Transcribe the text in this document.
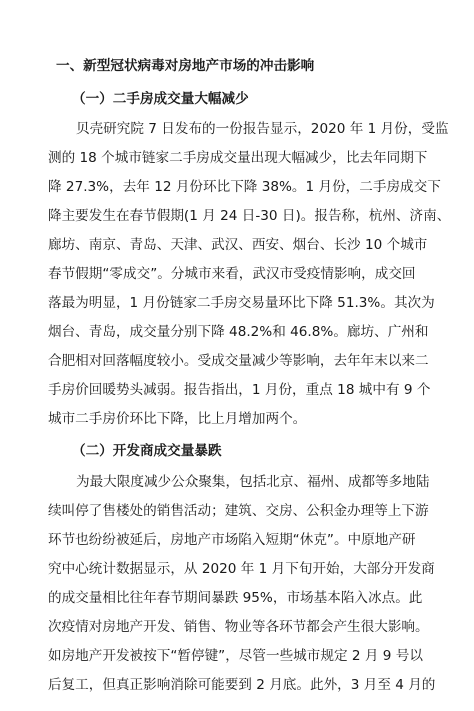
一、新型冠状病毒对房地产市场的冲击影响
（一）二手房成交量大幅减少
贝壳研究院 7 日发布的一份报告显示，2020 年 1 月份，受监
测的 18 个城市链家二手房成交量出现大幅减少，比去年同期下
降 27.3%，去年 12 月份环比下降 38%。1 月份，二手房成交下
降主要发生在春节假期(1 月 24 日-30 日)。报告称，杭州、济南、
廊坊、南京、青岛、天津、武汉、西安、烟台、长沙 10 个城市
春节假期“零成交”。分城市来看，武汉市受疫情影响，成交回
落最为明显，1 月份链家二手房交易量环比下降 51.3%。其次为
烟台、青岛，成交量分别下降 48.2%和 46.8%。廊坊、广州和
合肥相对回落幅度较小。受成交量减少等影响，去年年末以来二
手房价回暖势头减弱。报告指出，1 月份，重点 18 城中有 9 个
城市二手房价环比下降，比上月增加两个。
（二）开发商成交量暴跌
为最大限度减少公众聚集，包括北京、福州、成都等多地陆
续叫停了售楼处的销售活动；建筑、交房、公积金办理等上下游
环节也纷纷被延后，房地产市场陷入短期“休克”。中原地产研
究中心统计数据显示，从 2020 年 1 月下旬开始，大部分开发商
的成交量相比往年春节期间暴跌 95%，市场基本陷入冰点。此
次疫情对房地产开发、销售、物业等各环节都会产生很大影响。
如房地产开发被按下“暂停键”，尽管一些城市规定 2 月 9 号以
后复工，但真正影响消除可能要到 2 月底。此外，3 月至 4 月的
